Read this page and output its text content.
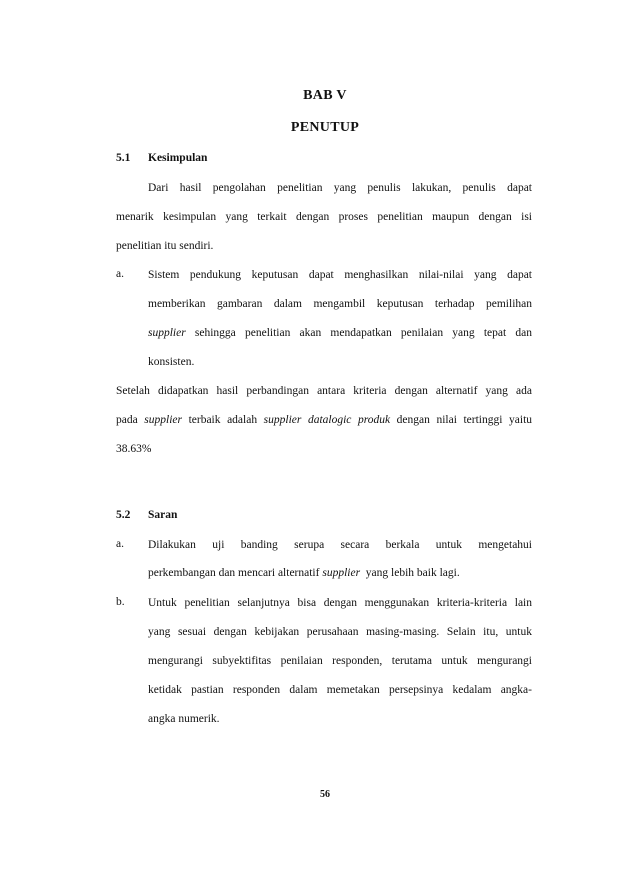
BAB V
PENUTUP
5.1 Kesimpulan
Dari hasil pengolahan penelitian yang penulis lakukan, penulis dapat
menarik kesimpulan yang terkait dengan proses penelitian maupun dengan isi
penelitian itu sendiri.
a. Sistem pendukung keputusan dapat menghasilkan nilai-nilai yang dapat
memberikan gambaran dalam mengambil keputusan terhadap pemilihan
supplier sehingga penelitian akan mendapatkan penilaian yang tepat dan
konsisten.
Setelah didapatkan hasil perbandingan antara kriteria dengan alternatif yang ada
pada supplier terbaik adalah supplier datalogic produk dengan nilai tertinggi yaitu
38.63%
5.2 Saran
a. Dilakukan uji banding serupa secara berkala untuk mengetahui
perkembangan dan mencari alternatif supplier  yang lebih baik lagi.
b. Untuk penelitian selanjutnya bisa dengan menggunakan kriteria-kriteria lain
yang sesuai dengan kebijakan perusahaan masing-masing. Selain itu, untuk
mengurangi subyektifitas penilaian responden, terutama untuk mengurangi
ketidak pastian responden dalam memetakan persepsinya kedalam angka-
angka numerik.
56
